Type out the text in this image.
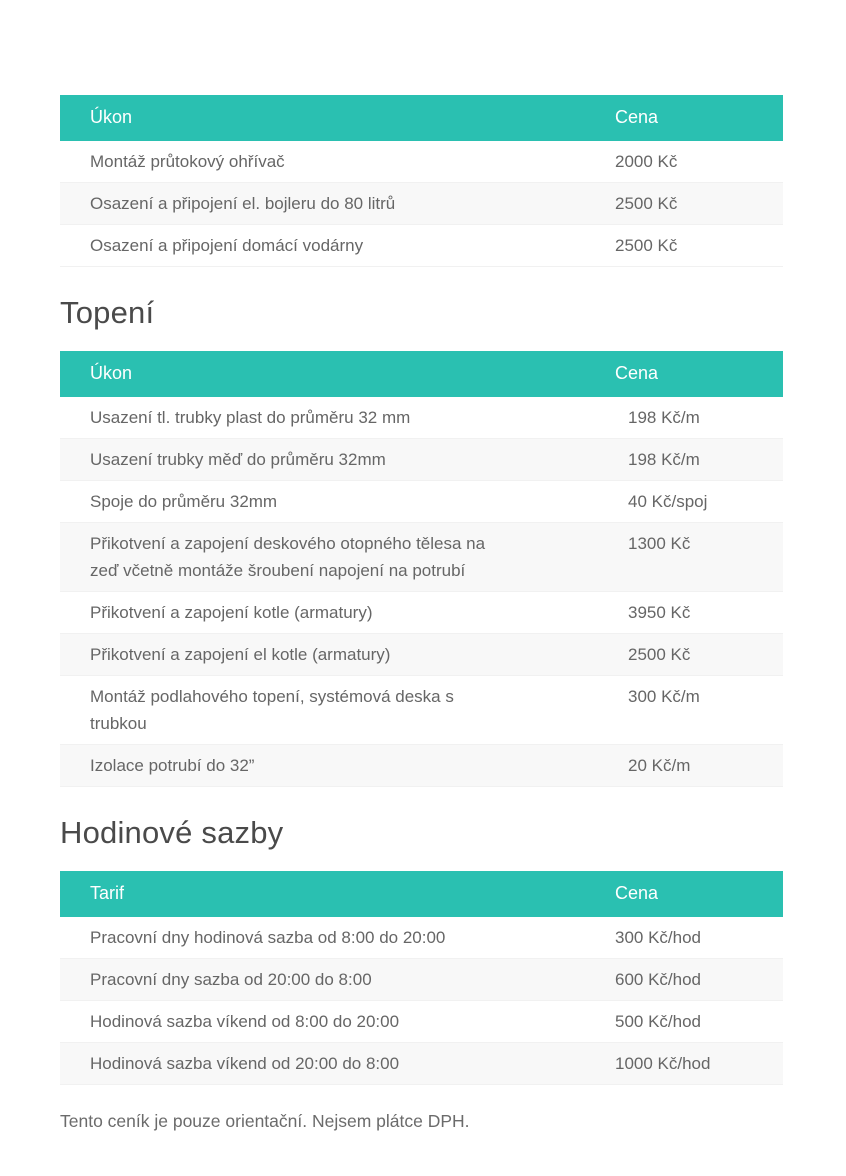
Úkon	Cena
Montáž průtokový ohřívač	2000 Kč
Osazení a připojení el. bojleru do 80 litrů	2500 Kč
Osazení a připojení domácí vodárny	2500 Kč
Topení
Úkon	Cena
Usazení tl. trubky plast do průměru 32 mm	198 Kč/m
Usazení trubky měď do průměru 32mm	198 Kč/m
Spoje do průměru 32mm	40 Kč/spoj
Přikotvení a zapojení deskového otopného tělesa na zeď včetně montáže šroubení napojení na potrubí	1300 Kč
Přikotvení a zapojení kotle (armatury)	3950 Kč
Přikotvení a zapojení el kotle (armatury)	2500 Kč
Montáž podlahového topení, systémová deska s trubkou	300 Kč/m
Izolace potrubí do 32”	20 Kč/m
Hodinové sazby
Tarif	Cena
Pracovní dny hodinová sazba od 8:00 do 20:00	300 Kč/hod
Pracovní dny sazba od 20:00 do 8:00	600 Kč/hod
Hodinová sazba víkend od 8:00 do 20:00	500 Kč/hod
Hodinová sazba víkend od 20:00 do 8:00	1000 Kč/hod

Tento ceník je pouze orientační. Nejsem plátce DPH.
